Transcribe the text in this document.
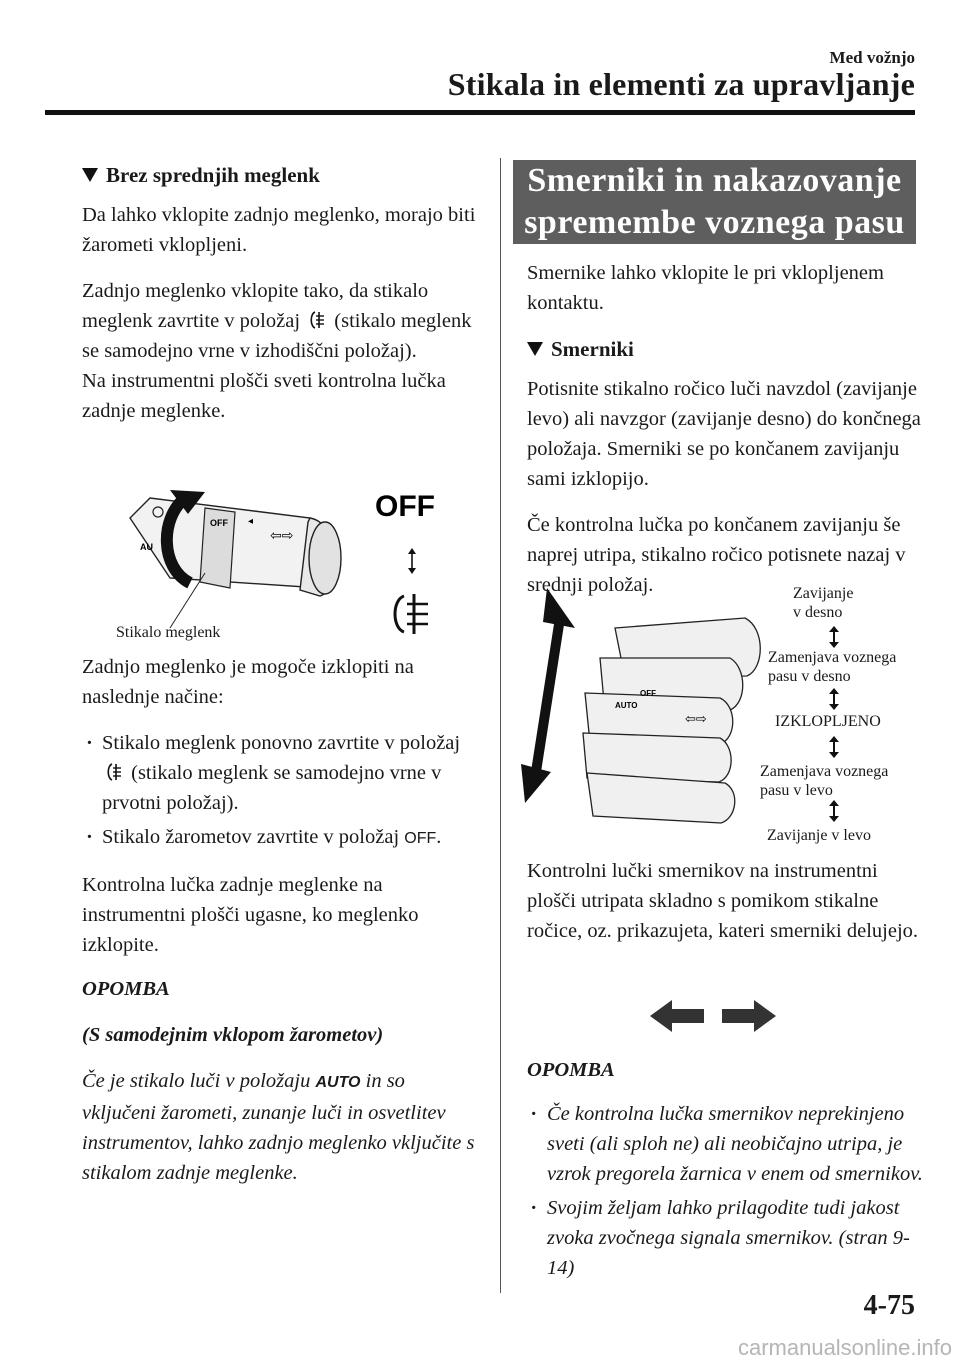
Med vožnjo
Stikala in elementi za upravljanje
Brez sprednjih meglenk

Da lahko vklopite zadnjo meglenko, morajo biti žarometi vklopljeni.

Zadnjo meglenko vklopite tako, da stikalo meglenk zavrtite v položaj (stikalo meglenk se samodejno vrne v izhodiščni položaj).

Na instrumentni plošči sveti kontrolna lučka zadnje meglenke.

OFF
AU
⇦⇨
◂	OFF
Stikalo meglenk

Zadnjo meglenko je mogoče izklopiti na naslednje načine:

· Stikalo meglenk ponovno zavrtite v položaj  (stikalo meglenk se samodejno vrne v prvotni položaj).
· Stikalo žarometov zavrtite v položaj OFF.

Kontrolna lučka zadnje meglenke na instrumentni plošči ugasne, ko meglenko izklopite.

OPOMBA

(S samodejnim vklopom žarometov)

Če je stikalo luči v položaju AUTO in so vključeni žarometi, zunanje luči in osvetlitev instrumentov, lahko zadnjo meglenko vključite s stikalom zadnje meglenke.

Smerniki in nakazovanje
spremembe voznega pasu

Smernike lahko vklopite le pri vklopljenem kontaktu.

Smerniki

Potisnite stikalno ročico luči navzdol (zavijanje levo) ali navzgor (zavijanje desno) do končnega položaja. Smerniki se po končanem zavijanju sami izklopijo.

Če kontrolna lučka po končanem zavijanju še naprej utripa, stikalno ročico potisnete nazaj v srednji položaj.

AUTO
OFF
⇦⇨
Zavijanje
v desno
Zamenjava voznega
pasu v desno
IZKLOPLJENO
Zamenjava voznega
pasu v levo
Zavijanje v levo

Kontrolni lučki smernikov na instrumentni plošči utripata skladno s pomikom stikalne ročice, oz. prikazujeta, kateri smerniki delujejo.

OPOMBA

· Če kontrolna lučka smernikov neprekinjeno sveti (ali sploh ne) ali neobičajno utripa, je vzrok pregorela žarnica v enem od smernikov.
· Svojim željam lahko prilagodite tudi jakost zvoka zvočnega signala smernikov. (stran 9-14)
4-75
carmanualsonline.info
